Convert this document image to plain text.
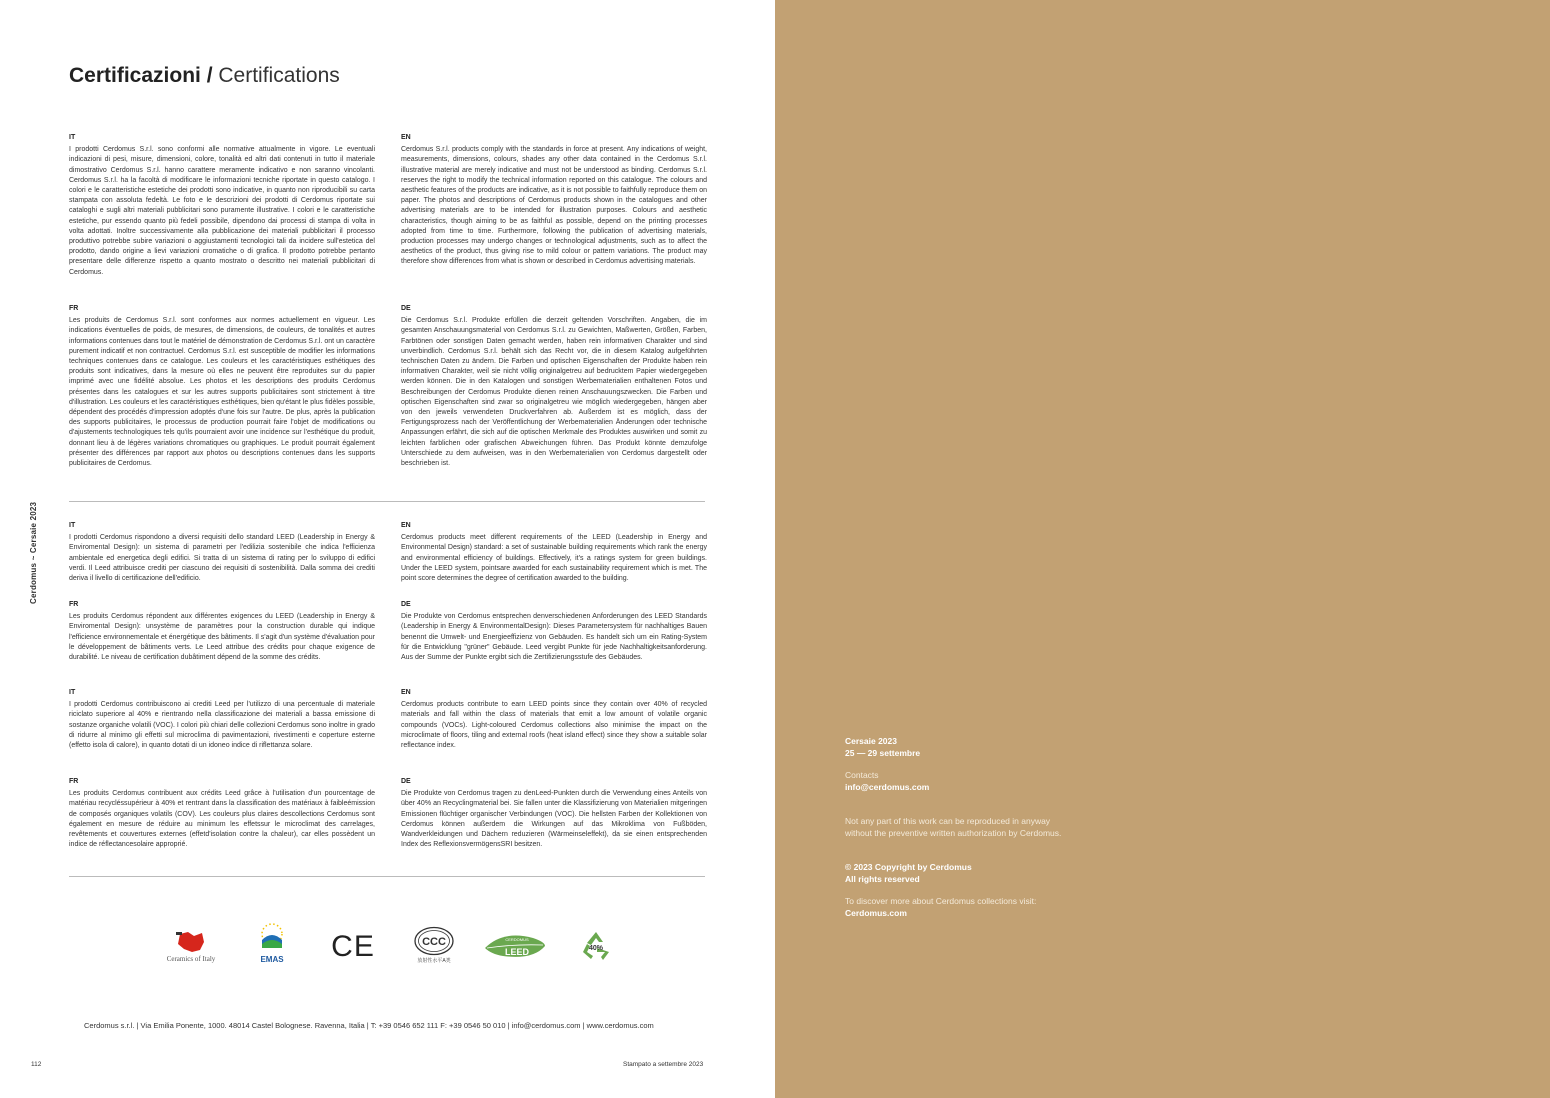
Certificazioni / Certifications
Cerdomus ~ Cersaie 2023
IT
I prodotti Cerdomus S.r.l. sono conformi alle normative attualmente in vigore. Le eventuali indicazioni di pesi, misure, dimensioni, colore, tonalità ed altri dati contenuti in tutto il materiale dimostrativo Cerdomus S.r.l. hanno carattere meramente indicativo e non saranno vincolanti. Cerdomus S.r.l. ha la facoltà di modificare le informazioni tecniche riportate in questo catalogo. I colori e le caratteristiche estetiche dei prodotti sono indicative, in quanto non riproducibili su carta stampata con assoluta fedeltà. Le foto e le descrizioni dei prodotti di Cerdomus riportate sui cataloghi e sugli altri materiali pubblicitari sono puramente illustrative. I colori e le caratteristiche estetiche, pur essendo quanto più fedeli possibile, dipendono dai processi di stampa di volta in volta adottati. Inoltre successivamente alla pubblicazione dei materiali pubblicitari il processo produttivo potrebbe subire variazioni o aggiustamenti tecnologici tali da incidere sull'estetica del prodotto, dando origine a lievi variazioni cromatiche o di grafica. Il prodotto potrebbe pertanto presentare delle differenze rispetto a quanto mostrato o descritto nei materiali pubblicitari di Cerdomus.
EN
Cerdomus S.r.l. products comply with the standards in force at present. Any indications of weight, measurements, dimensions, colours, shades any other data contained in the Cerdomus S.r.l. illustrative material are merely indicative and must not be understood as binding. Cerdomus S.r.l. reserves the right to modify the technical information reported on this catalogue. The colours and aesthetic features of the products are indicative, as it is not possible to faithfully reproduce them on paper. The photos and descriptions of Cerdomus products shown in the catalogues and other advertising materials are to be intended for illustration purposes. Colours and aesthetic characteristics, though aiming to be as faithful as possible, depend on the printing processes adopted from time to time. Furthermore, following the publication of advertising materials, production processes may undergo changes or technological adjustments, such as to affect the aesthetics of the product, thus giving rise to mild colour or pattern variations. The product may therefore show differences from what is shown or described in Cerdomus advertising materials.
FR
Les produits de Cerdomus S.r.l. sont conformes aux normes actuellement en vigueur. Les indications éventuelles de poids, de mesures, de dimensions, de couleurs, de tonalités et autres informations contenues dans tout le matériel de démonstration de Cerdomus S.r.l. ont un caractère purement indicatif et non contractuel. Cerdomus S.r.l. est susceptible de modifier les informations techniques contenues dans ce catalogue. Les couleurs et les caractéristiques esthétiques des produits sont indicatives, dans la mesure où elles ne peuvent être reproduites sur du papier imprimé avec une fidélité absolue. Les photos et les descriptions des produits Cerdomus présentes dans les catalogues et sur les autres supports publicitaires sont strictement à titre d'illustration. Les couleurs et les caractéristiques esthétiques, bien qu'étant le plus fidèles possible, dépendent des procédés d'impression adoptés d'une fois sur l'autre. De plus, après la publication des supports publicitaires, le processus de production pourrait faire l'objet de modifications ou d'ajustements technologiques tels qu'ils pourraient avoir une incidence sur l'esthétique du produit, donnant lieu à de légères variations chromatiques ou graphiques. Le produit pourrait également présenter des différences par rapport aux photos ou descriptions contenues dans les supports publicitaires de Cerdomus.
DE
Die Cerdomus S.r.l. Produkte erfüllen die derzeit geltenden Vorschriften. Angaben, die im gesamten Anschauungsmaterial von Cerdomus S.r.l. zu Gewichten, Maßwerten, Größen, Farben, Farbtönen oder sonstigen Daten gemacht werden, haben rein informativen Charakter und sind unverbindlich. Cerdomus S.r.l. behält sich das Recht vor, die in diesem Katalog aufgeführten technischen Daten zu ändern. Die Farben und optischen Eigenschaften der Produkte haben rein informativen Charakter, weil sie nicht völlig originalgetreu auf bedrucktem Papier wiedergegeben werden können. Die in den Katalogen und sonstigen Werbematerialien enthaltenen Fotos und Beschreibungen der Cerdomus Produkte dienen reinen Anschauungszwecken. Die Farben und optischen Eigenschaften sind zwar so originalgetreu wie möglich wiedergegeben, hängen aber von den jeweils verwendeten Druckverfahren ab. Außerdem ist es möglich, dass der Fertigungsprozess nach der Veröffentlichung der Werbematerialien Änderungen oder technische Anpassungen erfährt, die sich auf die optischen Merkmale des Produktes auswirken und somit zu leichten farblichen oder grafischen Abweichungen führen. Das Produkt könnte demzufolge Unterschiede zu dem aufweisen, was in den Werbematerialien von Cerdomus dargestellt oder beschrieben ist.
IT
I prodotti Cerdomus rispondono a diversi requisiti dello standard LEED (Leadership in Energy & Enviromental Design): un sistema di parametri per l'edilizia sostenibile che indica l'efficienza ambientale ed energetica degli edifici. Si tratta di un sistema di rating per lo sviluppo di edifici verdi. Il Leed attribuisce crediti per ciascuno dei requisiti di sostenibilità. Dalla somma dei crediti deriva il livello di certificazione dell'edificio.
EN
Cerdomus products meet different requirements of the LEED (Leadership in Energy and Environmental Design) standard: a set of sustainable building requirements which rank the energy and environmental efficiency of buildings. Effectively, it's a ratings system for green buildings. Under the LEED system, pointsare awarded for each sustainability requirement which is met. The point score determines the degree of certification awarded to the building.
FR
Les produits Cerdomus répondent aux différentes exigences du LEED (Leadership in Energy & Enviromental Design): unsystème de paramètres pour la construction durable qui indique l'efficience environnementale et énergétique des bâtiments. Il s'agit d'un système d'évaluation pour le développement de bâtiments verts. Le Leed attribue des crédits pour chaque exigence de durabilité. Le niveau de certification dubâtiment dépend de la somme des crédits.
DE
Die Produkte von Cerdomus entsprechen denverschiedenen Anforderungen des LEED Standards (Leadership in Energy & EnvironmentalDesign): Dieses Parametersystem für nachhaltiges Bauen benennt die Umwelt- und Energieeffizienz von Gebäuden. Es handelt sich um ein Rating-System für die Entwicklung "grüner" Gebäude. Leed vergibt Punkte für jede Nachhaltigkeitsanforderung. Aus der Summe der Punkte ergibt sich die Zertifizierungsstufe des Gebäudes.
IT
I prodotti Cerdomus contribuiscono ai crediti Leed per l'utilizzo di una percentuale di materiale riciclato superiore al 40% e rientrando nella classificazione dei materiali a bassa emissione di sostanze organiche volatili (VOC). I colori più chiari delle collezioni Cerdomus sono inoltre in grado di ridurre al minimo gli effetti sul microclima di pavimentazioni, rivestimenti e coperture esterne (effetto isola di calore), in quanto dotati di un idoneo indice di riflettanza solare.
EN
Cerdomus products contribute to earn LEED points since they contain over 40% of recycled materials and fall within the class of materials that emit a low amount of volatile organic compounds (VOCs). Light-coloured Cerdomus collections also minimise the impact on the microclimate of floors, tiling and external roofs (heat island effect) since they show a suitable solar reflectance index.
FR
Les produits Cerdomus contribuent aux crédits Leed grâce à l'utilisation d'un pourcentage de matériau recycléssupérieur à 40% et rentrant dans la classification des matériaux à faibleémission de composés organiques volatils (COV). Les couleurs plus claires descollections Cerdomus sont également en mesure de réduire au minimum les effetssur le microclimat des carrelages, revêtements et couvertures externes (effetd'isolation contre la chaleur), car elles possèdent un indice de réflectancesolaire approprié.
DE
Die Produkte von Cerdomus tragen zu denLeed-Punkten durch die Verwendung eines Anteils von über 40% an Recyclingmaterial bei. Sie fallen unter die Klassifizierung von Materialien mitgeringen Emissionen flüchtiger organischer Verbindungen (VOC). Die hellsten Farben der Kollektionen von Cerdomus können außerdem die Wirkungen auf das Mikroklima von Fußböden, Wandverkleidungen und Dächern reduzieren (Wärmeinseleffekt), da sie einen entsprechenden Index des ReflexionsvermögensSRI besitzen.
Ceramics of Italy	EMAS CE	CCC
放射性水平A类
CERDOMUS
LEED	40%
Cerdomus s.r.l. | Via Emilia Ponente, 1000. 48014 Castel Bolognese. Ravenna, Italia | T: +39 0546 652 111 F: +39 0546 50 010 | info@cerdomus.com | www.cerdomus.com
112	Stampato a settembre 2023
Cersaie 2023
25 — 29 settembre
Contacts
info@cerdomus.com
Not any part of this work can be reproduced in anyway
without the preventive written authorization by Cerdomus.
© 2023 Copyright by Cerdomus
All rights reserved
To discover more about Cerdomus collections visit:
Cerdomus.com
